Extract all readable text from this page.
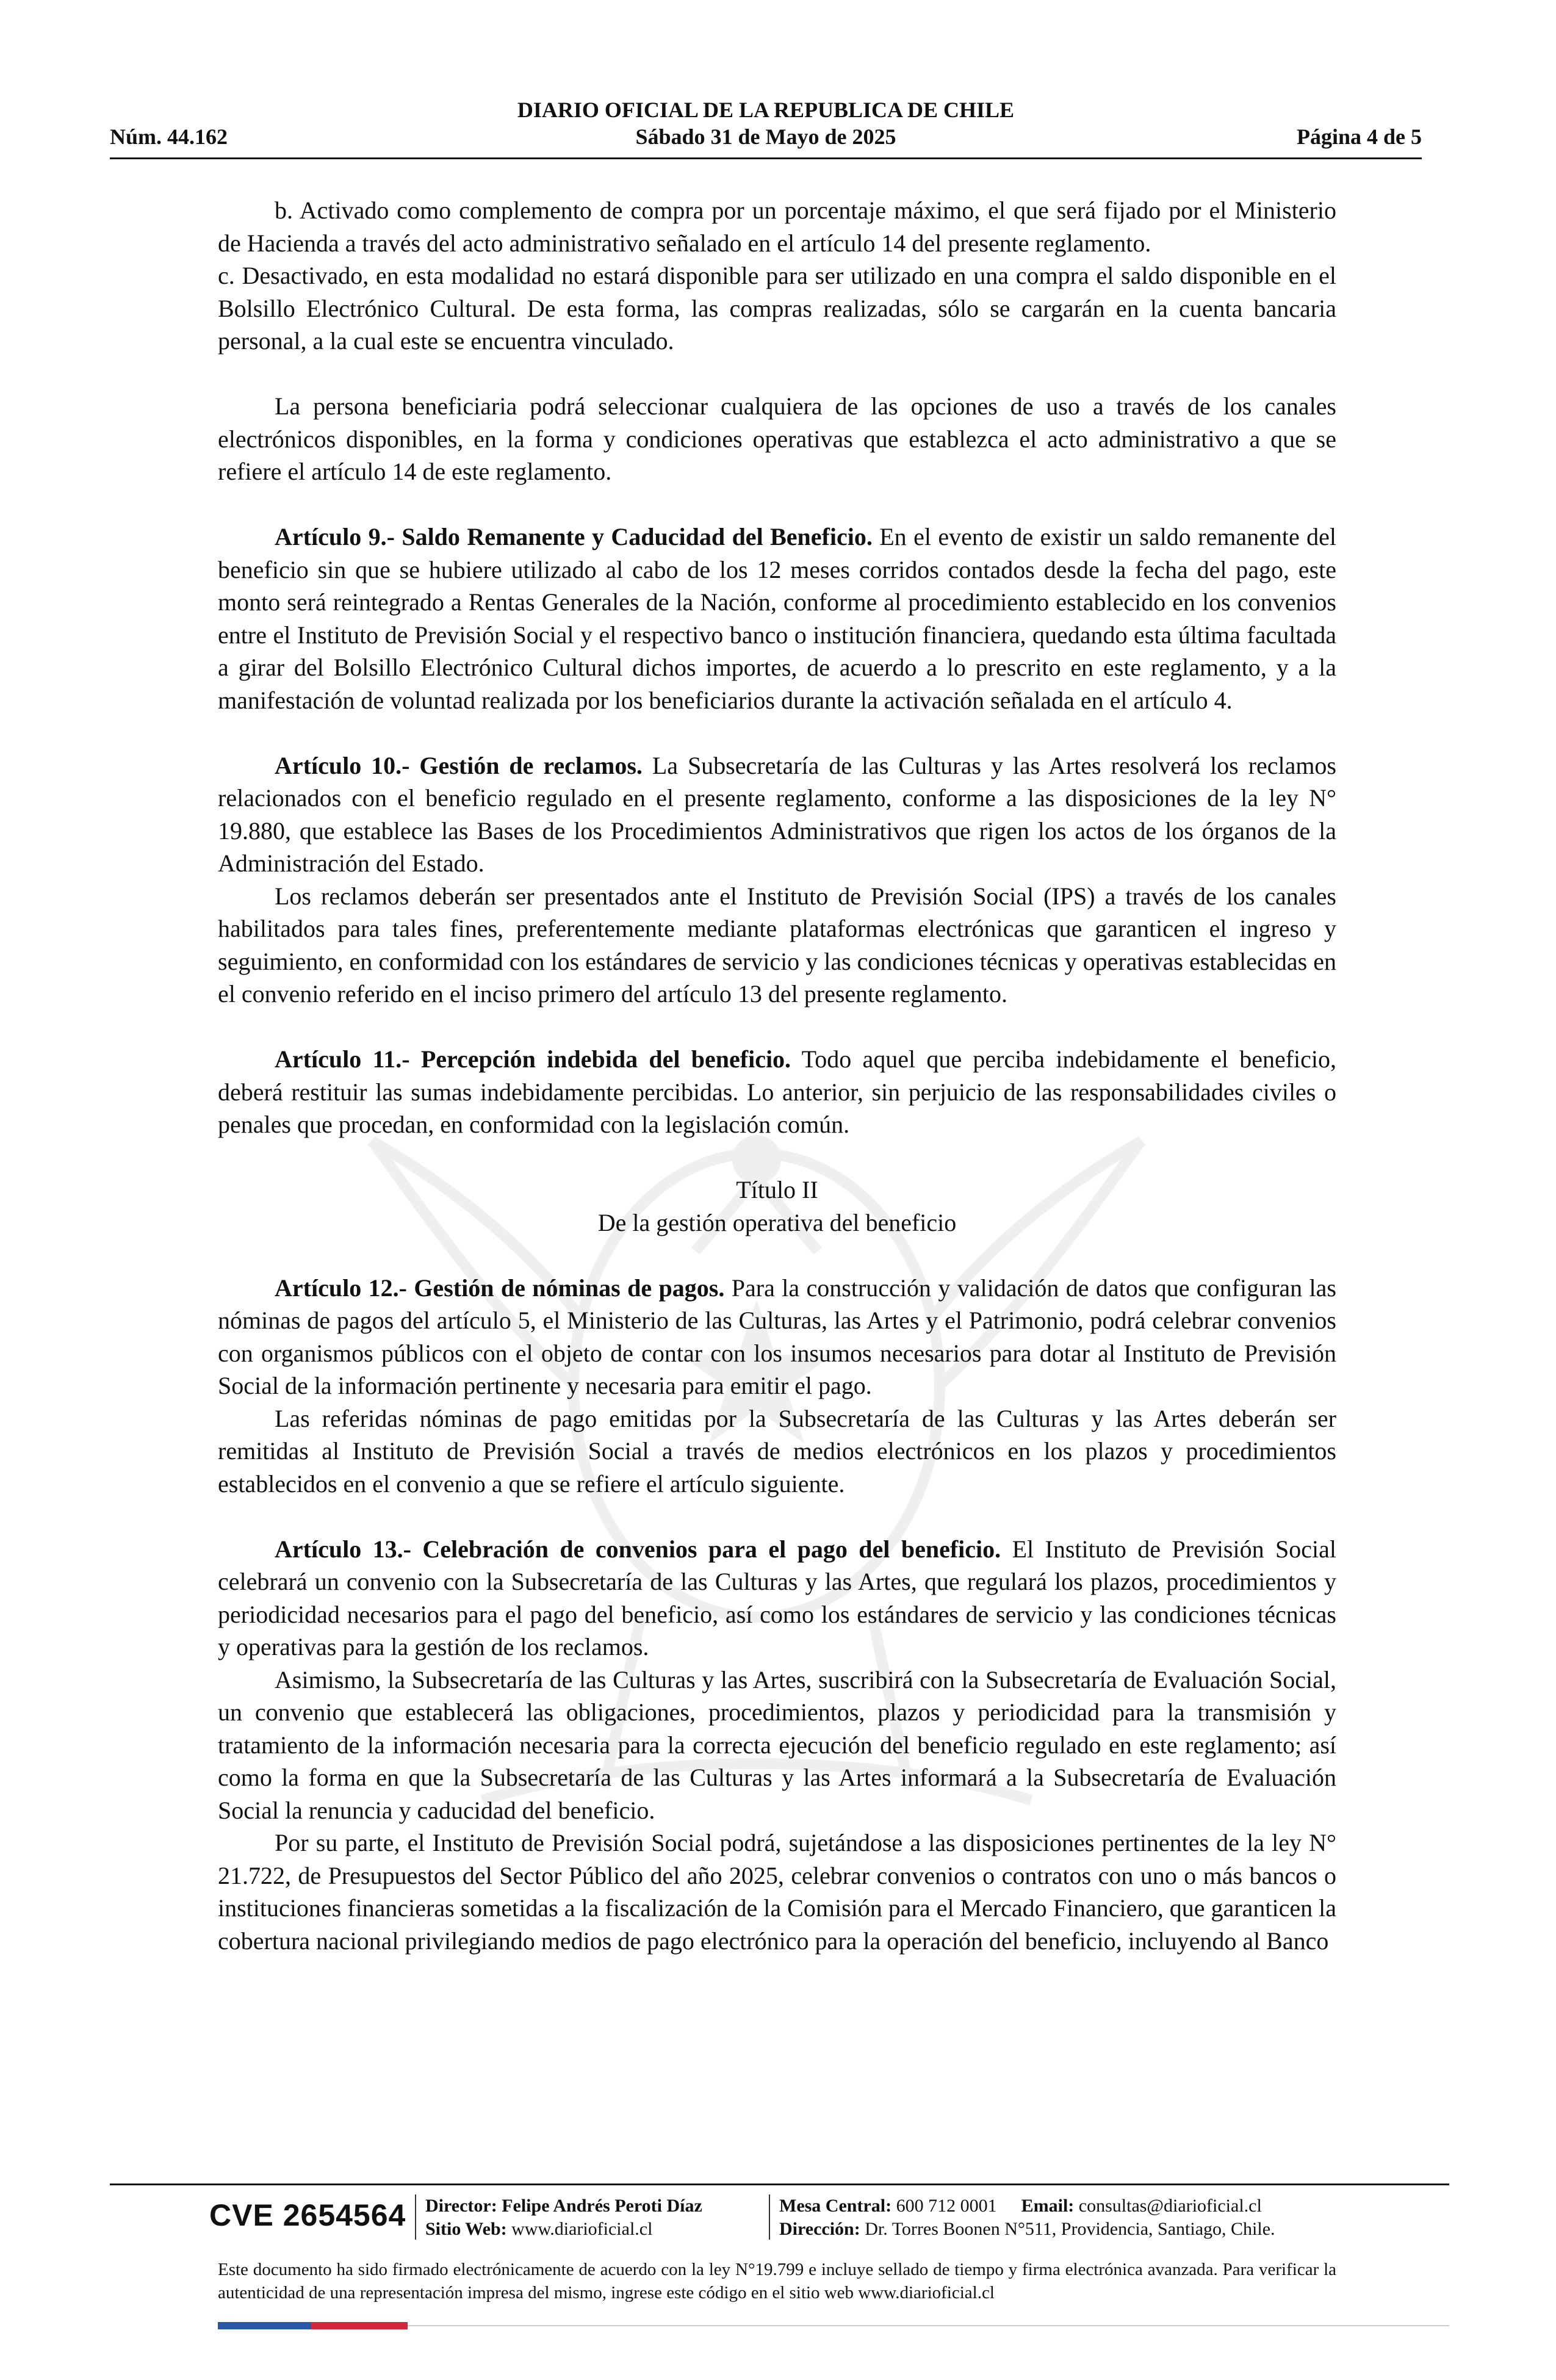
DIARIO OFICIAL DE LA REPUBLICA DE CHILE
Núm. 44.162	Sábado 31 de Mayo de 2025	Página 4 de 5

b. Activado como complemento de compra por un porcentaje máximo, el que será fijado por el Ministerio de Hacienda a través del acto administrativo señalado en el artículo 14 del presente reglamento.

c. Desactivado, en esta modalidad no estará disponible para ser utilizado en una compra el saldo disponible en el Bolsillo Electrónico Cultural. De esta forma, las compras realizadas, sólo se cargarán en la cuenta bancaria personal, a la cual este se encuentra vinculado.

La persona beneficiaria podrá seleccionar cualquiera de las opciones de uso a través de los canales electrónicos disponibles, en la forma y condiciones operativas que establezca el acto administrativo a que se refiere el artículo 14 de este reglamento.

Artículo 9.- Saldo Remanente y Caducidad del Beneficio. En el evento de existir un saldo remanente del beneficio sin que se hubiere utilizado al cabo de los 12 meses corridos contados desde la fecha del pago, este monto será reintegrado a Rentas Generales de la Nación, conforme al procedimiento establecido en los convenios entre el Instituto de Previsión Social y el respectivo banco o institución financiera, quedando esta última facultada a girar del Bolsillo Electrónico Cultural dichos importes, de acuerdo a lo prescrito en este reglamento, y a la manifestación de voluntad realizada por los beneficiarios durante la activación señalada en el artículo 4.

Artículo 10.- Gestión de reclamos. La Subsecretaría de las Culturas y las Artes resolverá los reclamos relacionados con el beneficio regulado en el presente reglamento, conforme a las disposiciones de la ley N° 19.880, que establece las Bases de los Procedimientos Administrativos que rigen los actos de los órganos de la Administración del Estado.

Los reclamos deberán ser presentados ante el Instituto de Previsión Social (IPS) a través de los canales habilitados para tales fines, preferentemente mediante plataformas electrónicas que garanticen el ingreso y seguimiento, en conformidad con los estándares de servicio y las condiciones técnicas y operativas establecidas en el convenio referido en el inciso primero del artículo 13 del presente reglamento.

Artículo 11.- Percepción indebida del beneficio. Todo aquel que perciba indebidamente el beneficio, deberá restituir las sumas indebidamente percibidas. Lo anterior, sin perjuicio de las responsabilidades civiles o penales que procedan, en conformidad con la legislación común.

Título II

De la gestión operativa del beneficio

Artículo 12.- Gestión de nóminas de pagos. Para la construcción y validación de datos que configuran las nóminas de pagos del artículo 5, el Ministerio de las Culturas, las Artes y el Patrimonio, podrá celebrar convenios con organismos públicos con el objeto de contar con los insumos necesarios para dotar al Instituto de Previsión Social de la información pertinente y necesaria para emitir el pago.

Las referidas nóminas de pago emitidas por la Subsecretaría de las Culturas y las Artes deberán ser remitidas al Instituto de Previsión Social a través de medios electrónicos en los plazos y procedimientos establecidos en el convenio a que se refiere el artículo siguiente.

Artículo 13.- Celebración de convenios para el pago del beneficio. El Instituto de Previsión Social celebrará un convenio con la Subsecretaría de las Culturas y las Artes, que regulará los plazos, procedimientos y periodicidad necesarios para el pago del beneficio, así como los estándares de servicio y las condiciones técnicas y operativas para la gestión de los reclamos.

Asimismo, la Subsecretaría de las Culturas y las Artes, suscribirá con la Subsecretaría de Evaluación Social, un convenio que establecerá las obligaciones, procedimientos, plazos y periodicidad para la transmisión y tratamiento de la información necesaria para la correcta ejecución del beneficio regulado en este reglamento; así como la forma en que la Subsecretaría de las Culturas y las Artes informará a la Subsecretaría de Evaluación Social la renuncia y caducidad del beneficio.

Por su parte, el Instituto de Previsión Social podrá, sujetándose a las disposiciones pertinentes de la ley N° 21.722, de Presupuestos del Sector Público del año 2025, celebrar convenios o contratos con uno o más bancos o instituciones financieras sometidas a la fiscalización de la Comisión para el Mercado Financiero, que garanticen la cobertura nacional privilegiando medios de pago electrónico para la operación del beneficio, incluyendo al Banco

CVE 2654564 Director: Felipe Andrés Peroti Díaz
Sitio Web: www.diarioficial.cl
Mesa Central: 600 712 0001 Email: consultas@diarioficial.cl
Dirección: Dr. Torres Boonen N°511, Providencia, Santiago, Chile.
Este documento ha sido firmado electrónicamente de acuerdo con la ley N°19.799 e incluye sellado de tiempo y firma electrónica avanzada. Para verificar la autenticidad de una representación impresa del mismo, ingrese este código en el sitio web www.diarioficial.cl
